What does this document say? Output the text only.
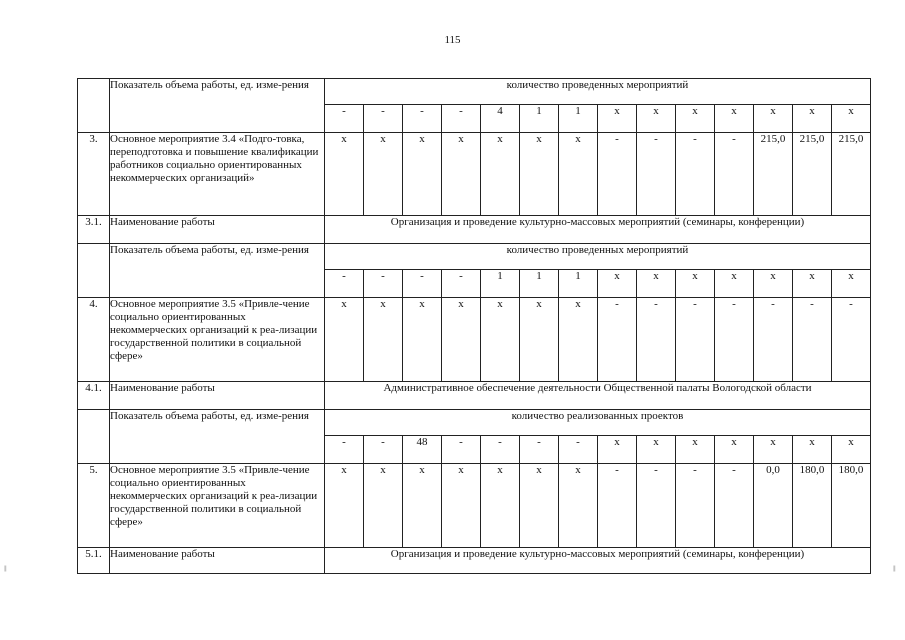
115
	Показатель объема работы, ед. изме-рения	количество проведенных мероприятий													
		-	-	-	-	4	1	1	x	x	x	x	x	x	x
3.	Основное мероприятие 3.4 «Подго-товка, переподготовка и повышение квалификации работников социально ориентированных некоммерческих организаций»	x	x	x	x	x	x	x	-	-	-	-	215,0	215,0	215,0
3.1.	Наименование работы	Организация и проведение культурно-массовых мероприятий (семинары, конференции)													
	Показатель объема работы, ед. изме-рения	количество проведенных мероприятий													
		-	-	-	-	1	1	1	x	x	x	x	x	x	x
4.	Основное мероприятие 3.5 «Привле-чение социально ориентированных некоммерческих организаций к реа-лизации государственной политики в социальной сфере»	x	x	x	x	x	x	x	-	-	-	-	-	-	-
4.1.	Наименование работы	Административное обеспечение деятельности Общественной палаты Вологодской области													
	Показатель объема работы, ед. изме-рения	количество реализованных проектов													
		-	-	48	-	-	-	-	x	x	x	x	x	x	x
5.	Основное мероприятие 3.5 «Привле-чение социально ориентированных некоммерческих организаций к реа-лизации государственной политики в социальной сфере»	x	x	x	x	x	x	x	-	-	-	-	0,0	180,0	180,0
5.1.	Наименование работы	Организация и проведение культурно-массовых мероприятий (семинары, конференции)													
| | |	| | |
